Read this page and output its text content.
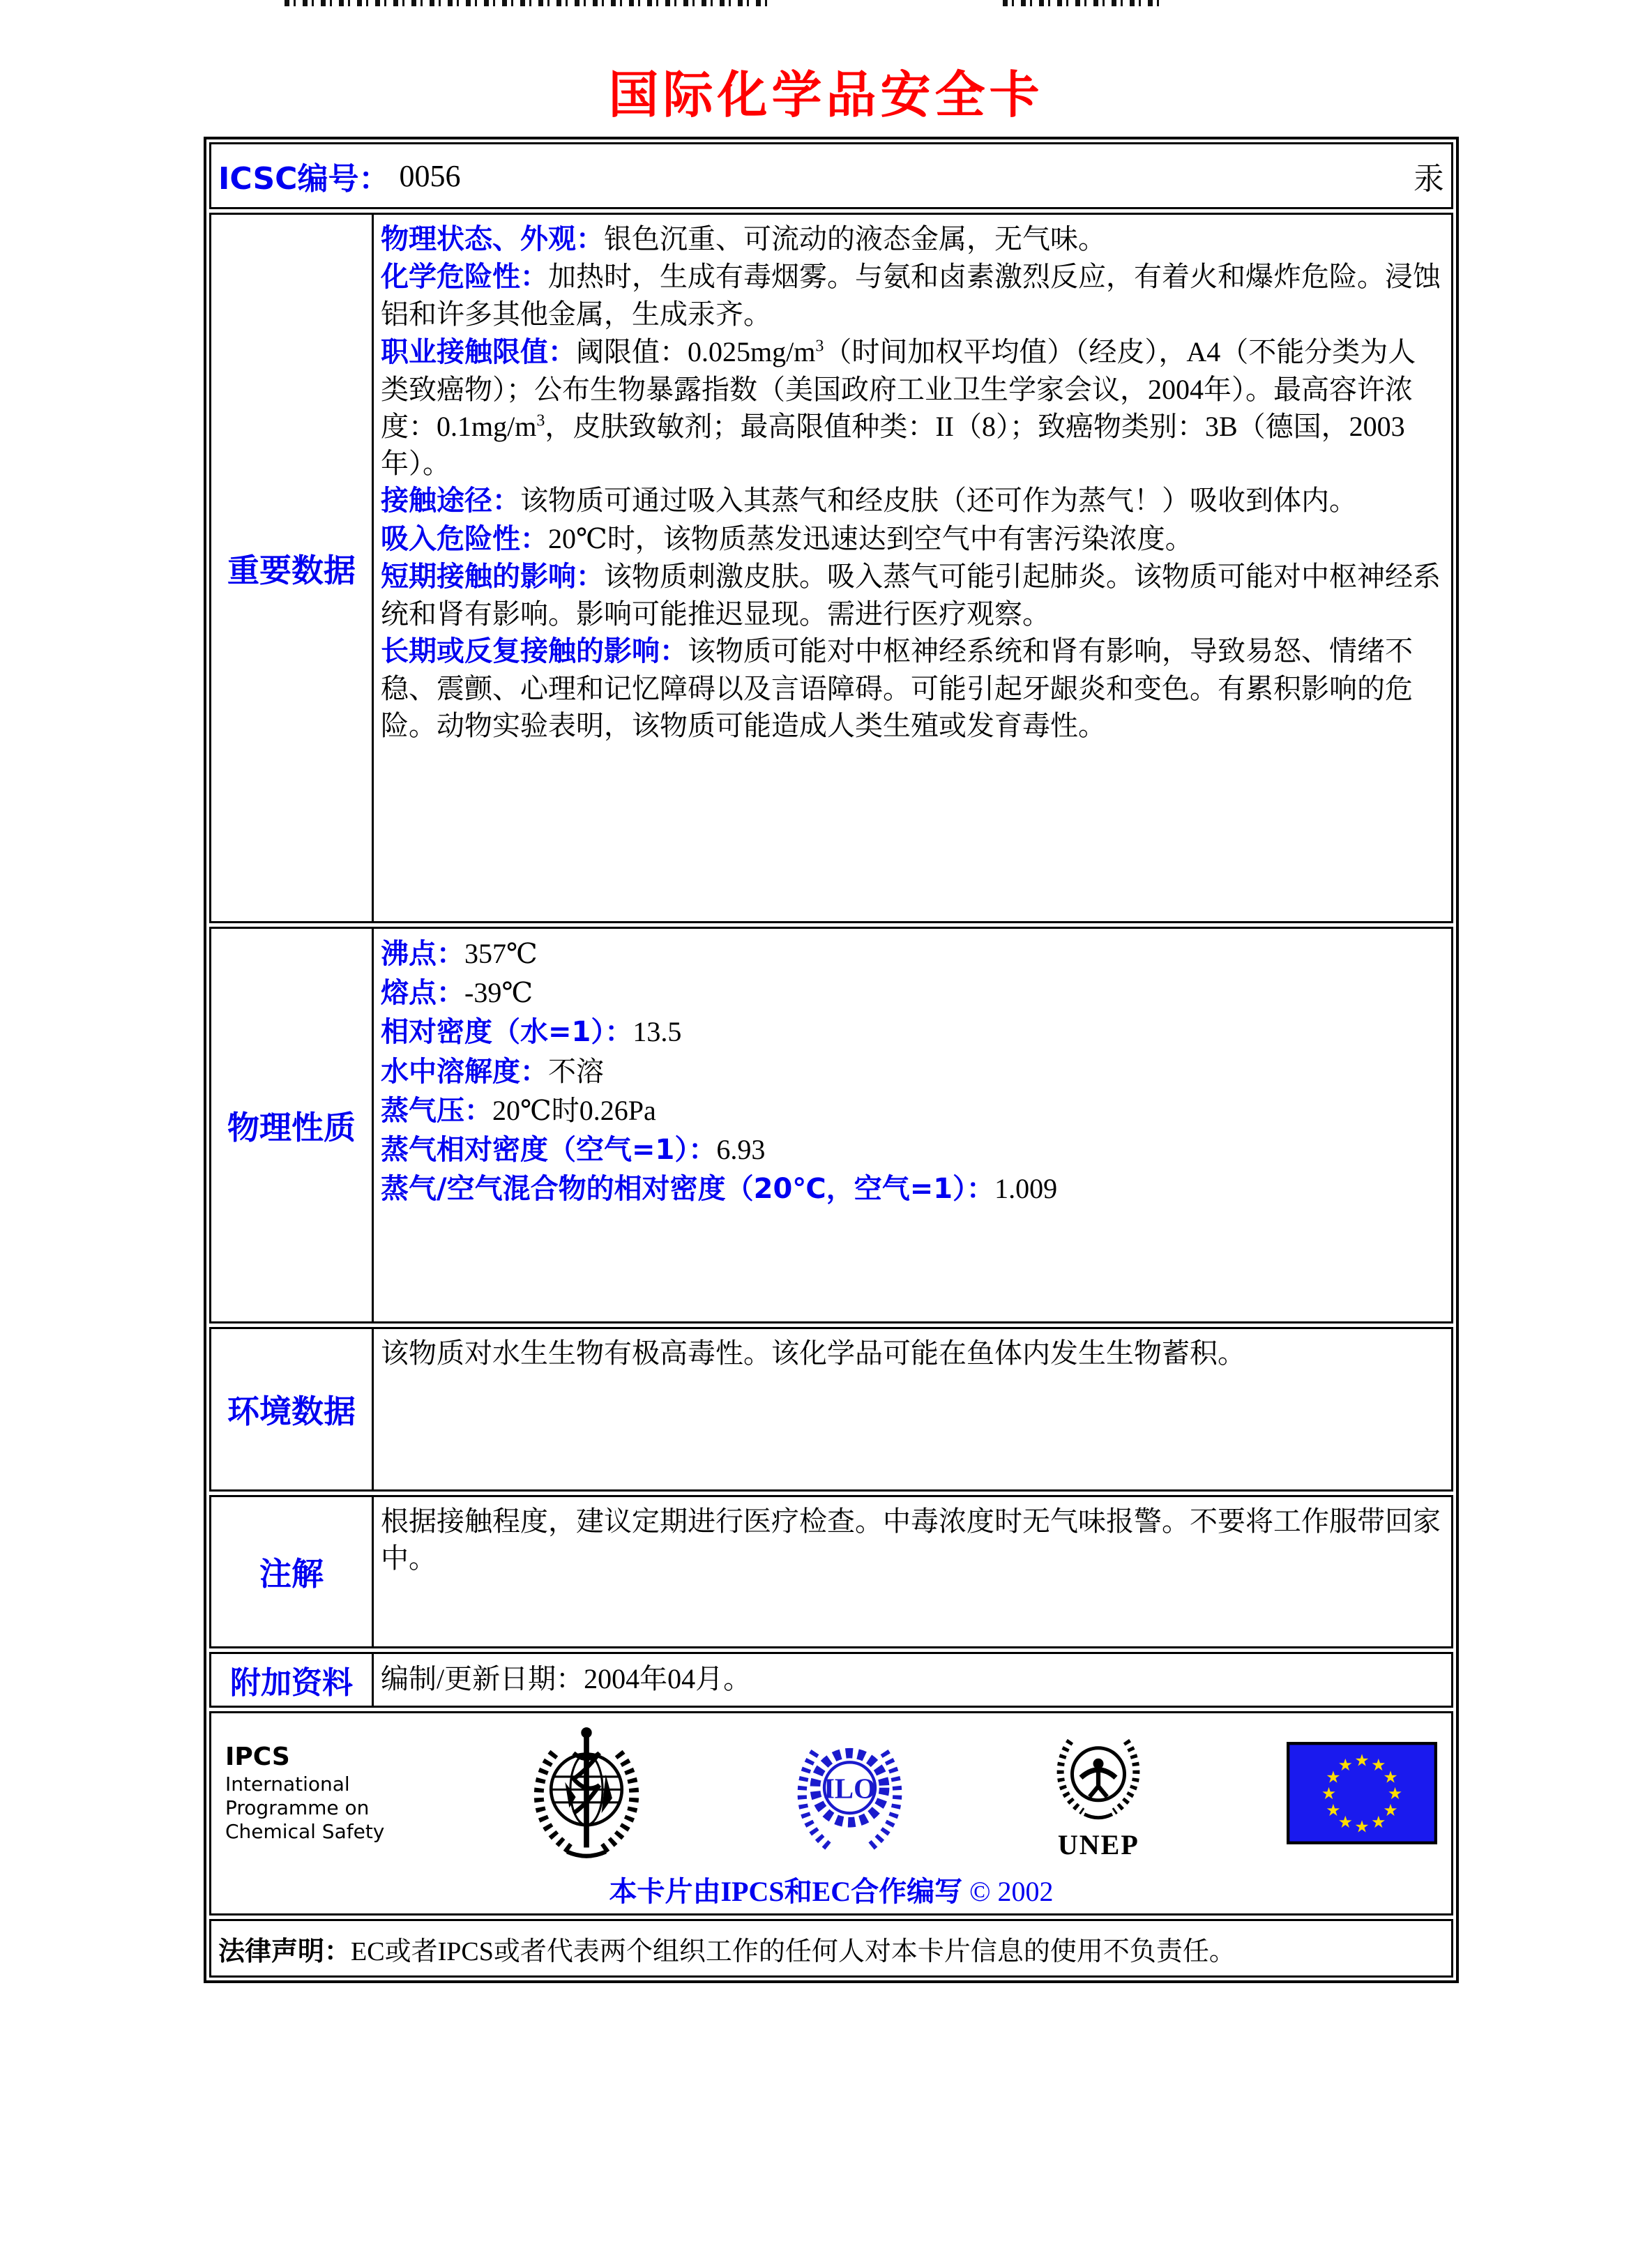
国际化学品安全卡
ICSC编号： 0056	汞
重要数据
物理状态、外观：银色沉重、可流动的液态金属，无气味。
化学危险性：加热时，生成有毒烟雾。与氨和卤素激烈反应，有着火和爆炸危险。浸蚀铝和许多其他金属，生成汞齐。
职业接触限值：阈限值：$0.025mg/m^3$（时间加权平均值）（经皮），A4（不能分类为人类致癌物）；公布生物暴露指数（美国政府工业卫生学家会议，2004年）。最高容许浓度：$0.1mg/m^3$，皮肤致敏剂；最高限值种类：II（8）；致癌物类别：3B（德国，2003年）。
接触途径：该物质可通过吸入其蒸气和经皮肤（还可作为蒸气！）吸收到体内。
吸入危险性：20℃时，该物质蒸发迅速达到空气中有害污染浓度。
短期接触的影响：该物质刺激皮肤。吸入蒸气可能引起肺炎。该物质可能对中枢神经系统和肾有影响。影响可能推迟显现。需进行医疗观察。
长期或反复接触的影响：该物质可能对中枢神经系统和肾有影响，导致易怒、情绪不稳、震颤、心理和记忆障碍以及言语障碍。可能引起牙龈炎和变色。有累积影响的危险。动物实验表明，该物质可能造成人类生殖或发育毒性。
物理性质
沸点：357℃
熔点：-39℃
相对密度（水=1）：13.5
水中溶解度：不溶
蒸气压：20℃时0.26Pa
蒸气相对密度（空气=1）：6.93
蒸气/空气混合物的相对密度（20℃，空气=1）：1.009
环境数据
该物质对水生生物有极高毒性。该化学品可能在鱼体内发生生物蓄积。
注解
根据接触程度，建议定期进行医疗检查。中毒浓度时无气味报警。不要将工作服带回家中。
附加资料	编制/更新日期：2004年04月。
IPCS
International
Programme on
Chemical Safety
ILO
UNEP
★ ★
★
★
★
★
★
★
★
★
★
★
本卡片由IPCS和EC合作编写 © 2002
法律声明：EC或者IPCS或者代表两个组织工作的任何人对本卡片信息的使用不负责任。
